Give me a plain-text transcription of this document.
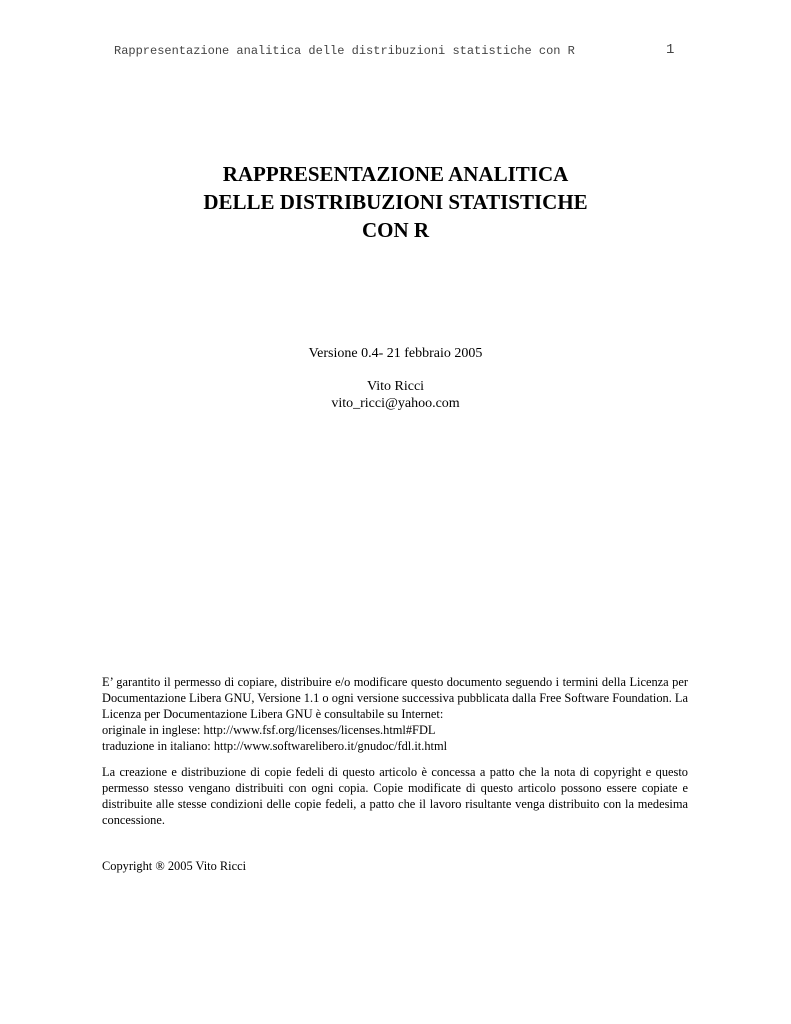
Rappresentazione analitica delle distribuzioni statistiche con R	1
RAPPRESENTAZIONE ANALITICA
DELLE DISTRIBUZIONI STATISTICHE
CON R
Versione 0.4- 21 febbraio 2005
Vito Ricci
vito_ricci@yahoo.com
E’ garantito il permesso di copiare, distribuire e/o modificare questo documento seguendo i termini della Licenza per Documentazione Libera GNU, Versione 1.1 o ogni versione successiva pubblicata dalla Free Software Foundation. La Licenza per Documentazione Libera GNU è consultabile su Internet:
originale in inglese: http://www.fsf.org/licenses/licenses.html#FDL
traduzione in italiano: http://www.softwarelibero.it/gnudoc/fdl.it.html
La creazione e distribuzione di copie fedeli di questo articolo è concessa a patto che la nota di copyright e questo permesso stesso vengano distribuiti con ogni copia. Copie modificate di questo articolo possono essere copiate e distribuite alle stesse condizioni delle copie fedeli, a patto che il lavoro risultante venga distribuito con la medesima concessione.
Copyright ® 2005 Vito Ricci
